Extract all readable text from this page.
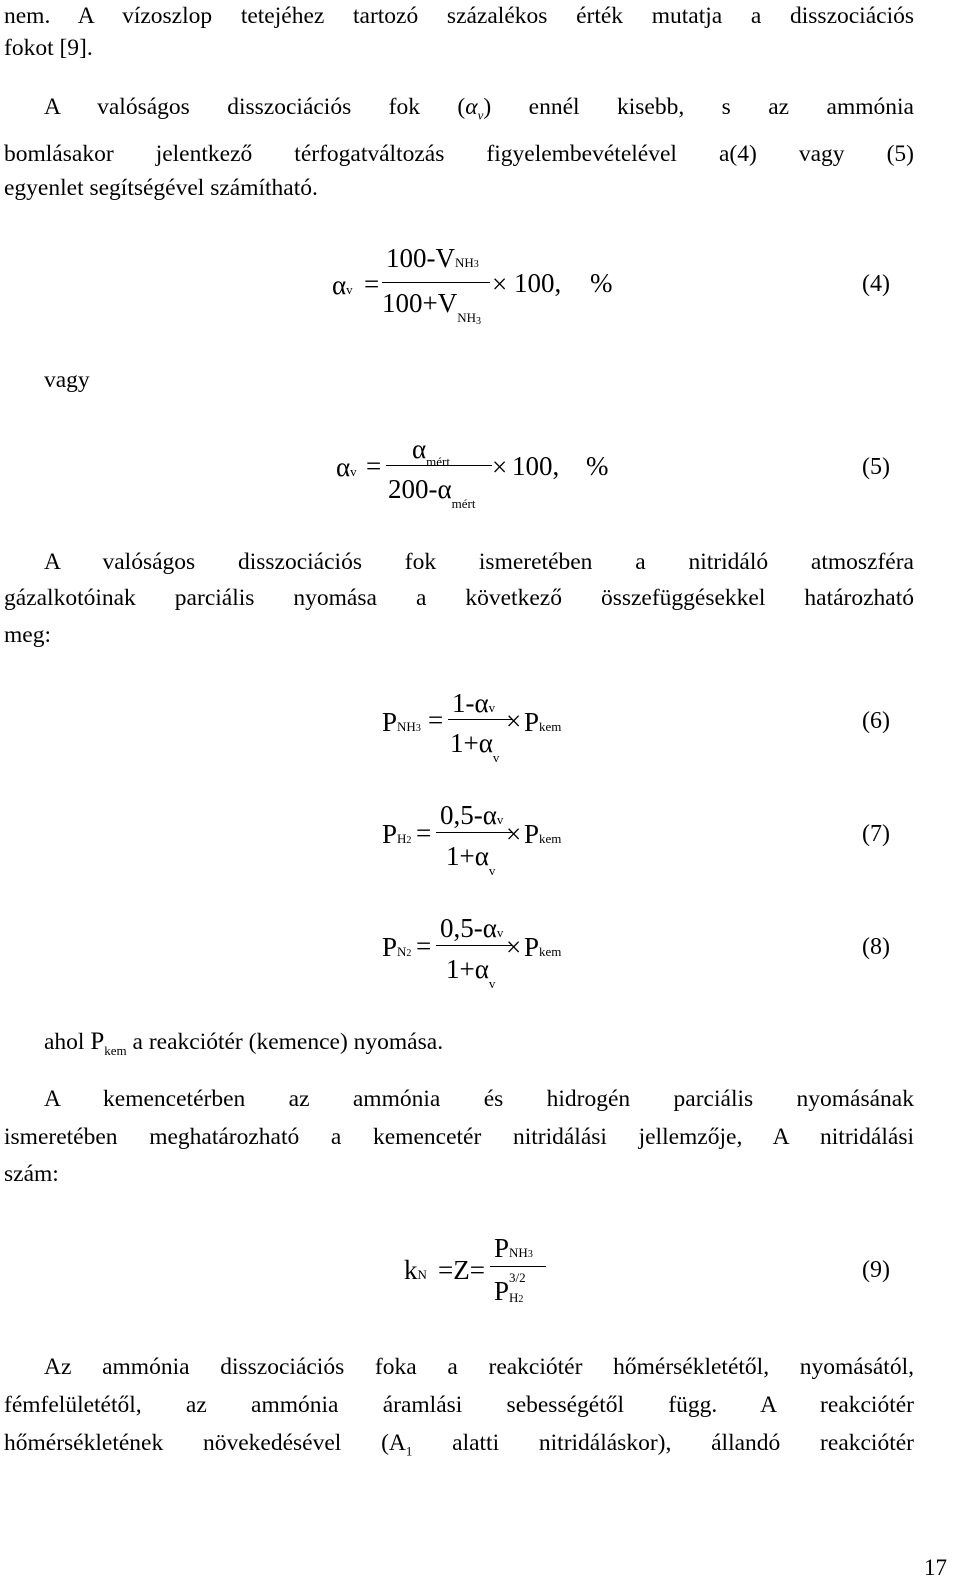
nem. A vízoszlop tetejéhez tartozó százalékos érték mutatja a disszociációs

fokot [9].

A valóságos disszociációs fok $(\alpha_v)$ ennél kisebb, s az ammónia

bomlásakor jelentkező térfogatváltozás figyelembevételével a(4) vagy (5)

egyenlet segítségével számítható.

αv =
100-VNH3
$100+V_{NH3}$
× 100, %	(4)
vagy
αv =
$\alpha_{mért}$
$200-\alpha_{mért}$
× 100, %	(5)

A valóságos disszociációs fok ismeretében a nitridáló atmoszféra

gázalkotóinak parciális nyomása a következő összefüggésekkel határozható

meg:

PNH3 =
1-αv
$1+\alpha_v$
× Pkem	(6)
PH2 =
0,5-αv
$1+\alpha_v$
× Pkem	(7)
PN2 =
0,5-αv
$1+\alpha_v$
× Pkem	(8)
ahol $P_{kem}$ a reakciótér (kemence) nyomása.

A kemencetérben az ammónia és hidrogén parciális nyomásának

ismeretében meghatározható a kemencetér nitridálási jellemzője, A nitridálási

szám:

kN =Z=
PNH3
P 3/2
H2
(9)

Az ammónia disszociációs foka a reakciótér hőmérsékletétől, nyomásától,

fémfelületétől, az ammónia áramlási sebességétől függ. A reakciótér

hőmérsékletének növekedésével ($A_1$ alatti nitridáláskor), állandó reakciótér

17
